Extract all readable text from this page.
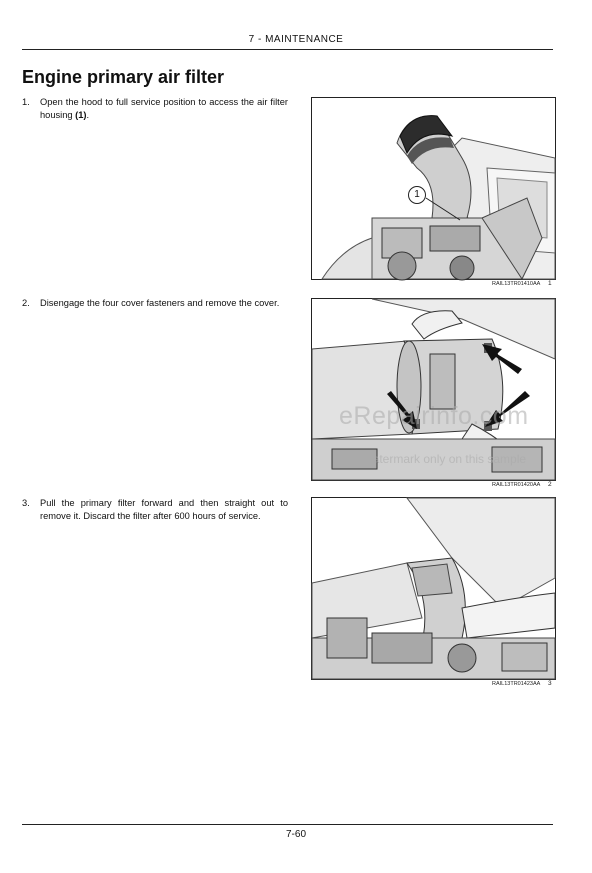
7 - MAINTENANCE
Engine primary air filter
1. Open the hood to full service position to access the air filter housing (1).
1
RAIL13TR01410AA 1
2. Disengage the four cover fasteners and remove the cover.
RAIL13TR01420AA 2
3. Pull the primary filter forward and then straight out to remove it. Discard the filter after 600 hours of service.
RAIL13TR01423AA 3
eRepairinfo.com
watermark only on this sample
7-60
